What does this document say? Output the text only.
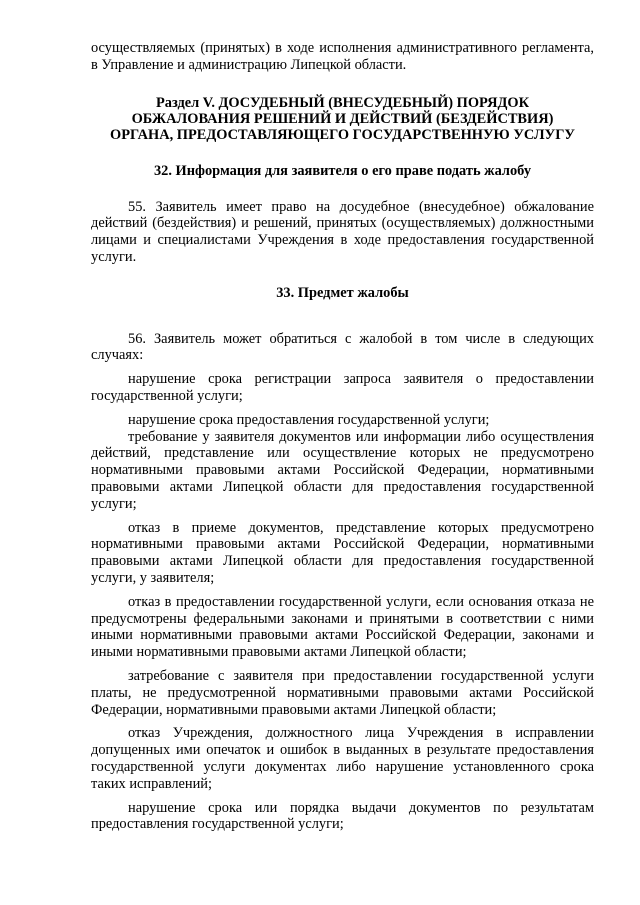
осуществляемых (принятых) в ходе исполнения административного регламента, в Управление и администрацию Липецкой области.

Раздел V. ДОСУДЕБНЫЙ (ВНЕСУДЕБНЫЙ) ПОРЯДОК
ОБЖАЛОВАНИЯ РЕШЕНИЙ И ДЕЙСТВИЙ (БЕЗДЕЙСТВИЯ)
ОРГАНА, ПРЕДОСТАВЛЯЮЩЕГО ГОСУДАРСТВЕННУЮ УСЛУГУ

32. Информация для заявителя о его праве подать жалобу

55. Заявитель имеет право на досудебное (внесудебное) обжалование действий (бездействия) и решений, принятых (осуществляемых) должностными лицами и специалистами Учреждения в ходе предоставления государственной услуги.

33. Предмет жалобы

56. Заявитель может обратиться с жалобой в том числе в следующих случаях:

нарушение срока регистрации запроса заявителя о предоставлении государственной услуги;

нарушение срока предоставления государственной услуги;

требование у заявителя документов или информации либо осуществления действий, представление или осуществление которых не предусмотрено нормативными правовыми актами Российской Федерации, нормативными правовыми актами Липецкой области для предоставления государственной услуги;

отказ в приеме документов, представление которых предусмотрено нормативными правовыми актами Российской Федерации, нормативными правовыми актами Липецкой области для предоставления государственной услуги, у заявителя;

отказ в предоставлении государственной услуги, если основания отказа не предусмотрены федеральными законами и принятыми в соответствии с ними иными нормативными правовыми актами Российской Федерации, законами и иными нормативными правовыми актами Липецкой области;

затребование с заявителя при предоставлении государственной услуги платы, не предусмотренной нормативными правовыми актами Российской Федерации, нормативными правовыми актами Липецкой области;

отказ Учреждения, должностного лица Учреждения в исправлении допущенных ими опечаток и ошибок в выданных в результате предоставления государственной услуги документах либо нарушение установленного срока таких исправлений;

нарушение срока или порядка выдачи документов по результатам предоставления государственной услуги;
